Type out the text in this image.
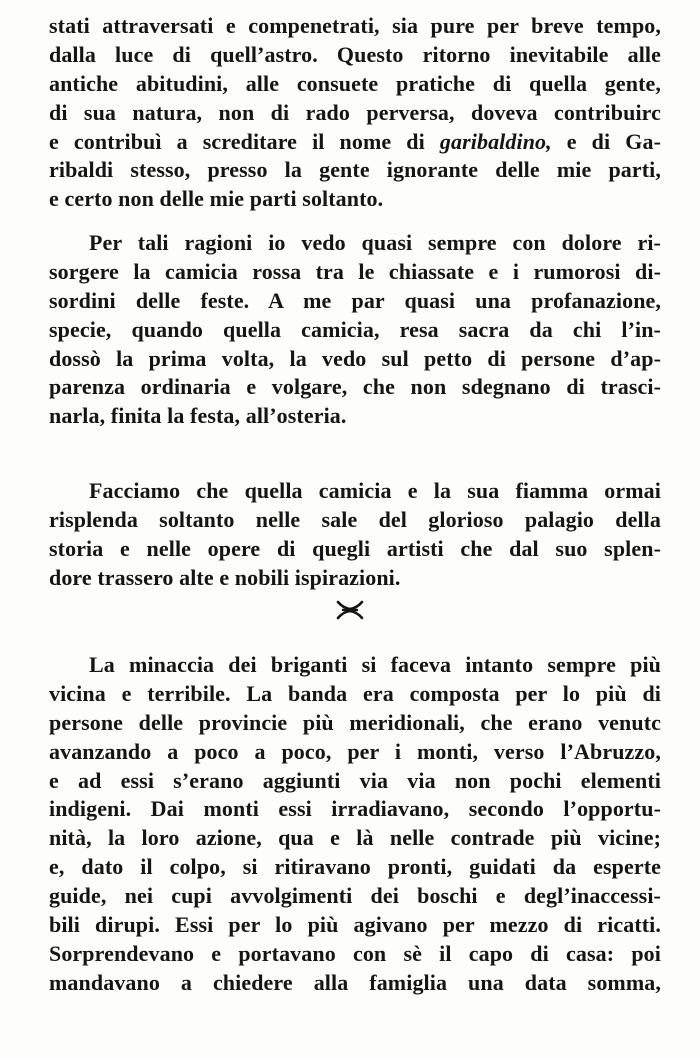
stati attraversati e compenetrati, sia pure per breve tempo,
dalla luce di quell’astro. Questo ritorno inevitabile alle
antiche abitudini, alle consuete pratiche di quella gente,
di sua natura, non di rado perversa, doveva contribuirc
e contribuì a screditare il nome di garibaldino, e di Ga-
ribaldi stesso, presso la gente ignorante delle mie parti,
e certo non delle mie parti soltanto.
Per tali ragioni io vedo quasi sempre con dolore ri-
sorgere la camicia rossa tra le chiassate e i rumorosi di-
sordini delle feste. A me par quasi una profanazione,
specie, quando quella camicia, resa sacra da chi l’in-
dossò la prima volta, la vedo sul petto di persone d’ap-
parenza ordinaria e volgare, che non sdegnano di trasci-
narla, finita la festa, all’osteria.
Facciamo che quella camicia e la sua fiamma ormai
risplenda soltanto nelle sale del glorioso palagio della
storia e nelle opere di quegli artisti che dal suo splen-
dore trassero alte e nobili ispirazioni.
La minaccia dei briganti si faceva intanto sempre più
vicina e terribile. La banda era composta per lo più di
persone delle provincie più meridionali, che erano venutc
avanzando a poco a poco, per i monti, verso l’Abruzzo,
e ad essi s’erano aggiunti via via non pochi elementi
indigeni. Dai monti essi irradiavano, secondo l’opportu-
nità, la loro azione, qua e là nelle contrade più vicine;
e, dato il colpo, si ritiravano pronti, guidati da esperte
guide, nei cupi avvolgimenti dei boschi e degl’inaccessi-
bili dirupi. Essi per lo più agivano per mezzo di ricatti.
Sorprendevano e portavano con sè il capo di casa: poi
mandavano a chiedere alla famiglia una data somma,
